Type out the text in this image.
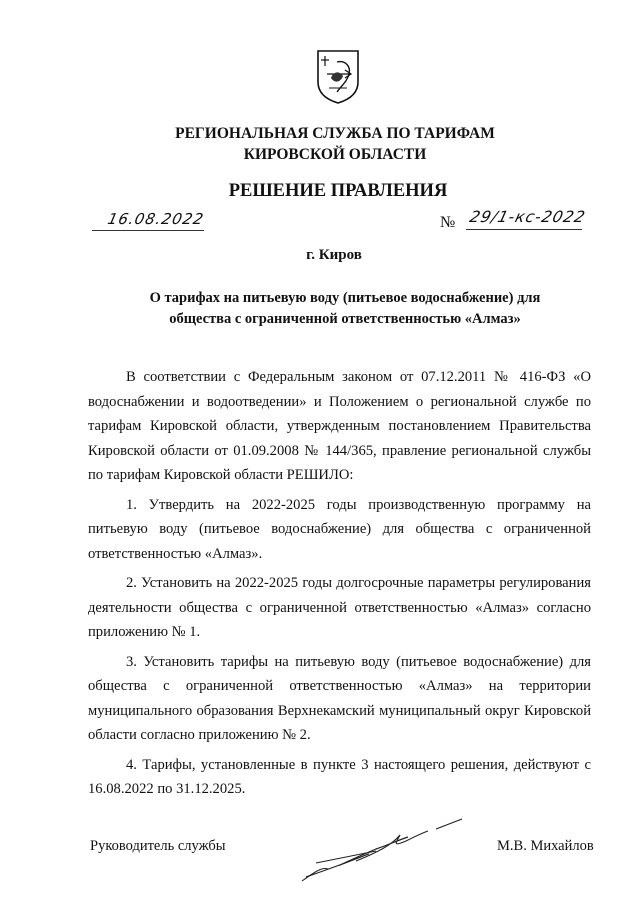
РЕГИОНАЛЬНАЯ СЛУЖБА ПО ТАРИФАМ
КИРОВСКОЙ ОБЛАСТИ
РЕШЕНИЕ ПРАВЛЕНИЯ
16.08.2022	№ 29/1-кс-2022
г. Киров
О тарифах на питьевую воду (питьевое водоснабжение) для
общества с ограниченной ответственностью «Алмаз»

В соответствии с Федеральным законом от 07.12.2011 № 416-ФЗ «О водоснабжении и водоотведении» и Положением о региональной службе по тарифам Кировской области, утвержденным постановлением Правительства Кировской области от 01.09.2008 № 144/365, правление региональной службы по тарифам Кировской области РЕШИЛО:

1. Утвердить на 2022-2025 годы производственную программу на питьевую воду (питьевое водоснабжение) для общества с ограниченной ответственностью «Алмаз».

2. Установить на 2022-2025 годы долгосрочные параметры регулирования деятельности общества с ограниченной ответственностью «Алмаз» согласно приложению № 1.

3. Установить тарифы на питьевую воду (питьевое водоснабжение) для общества с ограниченной ответственностью «Алмаз» на территории муниципального образования Верхнекамский муниципальный округ Кировской области согласно приложению № 2.

4. Тарифы, установленные в пункте 3 настоящего решения, действуют с 16.08.2022 по 31.12.2025.

Руководитель службы	М.В. Михайлов
